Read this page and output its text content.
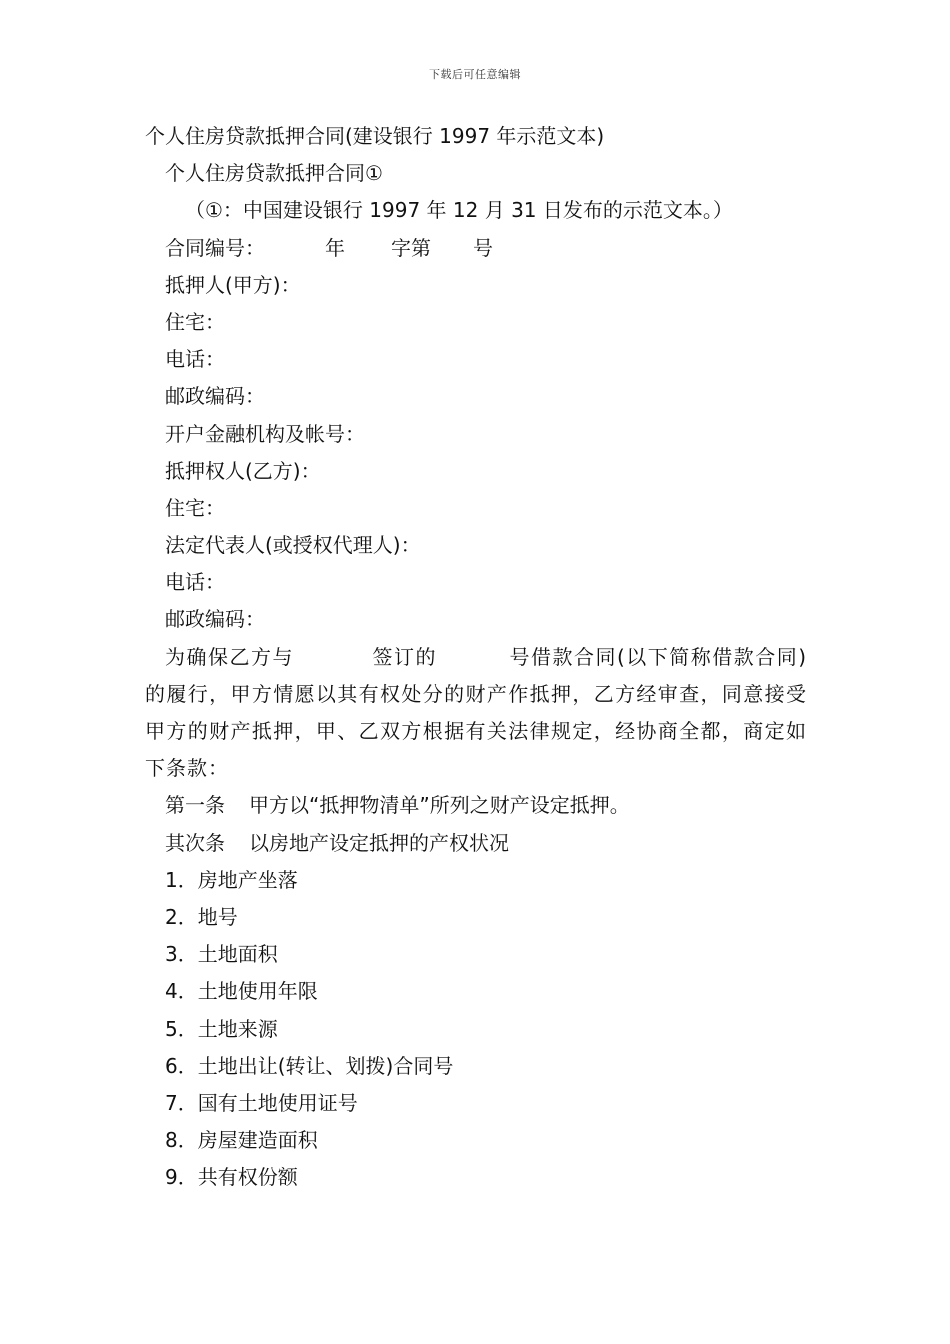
下载后可任意编辑
个人住房贷款抵押合同(建设银行 1997 年示范文本)
个人住房贷款抵押合同①
（①：中国建设银行 1997 年 12 月 31 日发布的示范文本。）
合同编号：	年 字第 号
抵押人(甲方)：
住宅：
电话：
邮政编码：
开户金融机构及帐号：
抵押权人(乙方)：
住宅：
法定代表人(或授权代理人)：
电话：
邮政编码：
为确保乙方与	签订的	号借款合同(以下简称借款合同)的履行，甲方情愿以其有权处分的财产作抵押，乙方经审查，同意接受甲方的财产抵押，甲、乙双方根据有关法律规定，经协商全都，商定如下条款：
第一条 甲方以“抵押物清单”所列之财产设定抵押。
其次条 以房地产设定抵押的产权状况
1．房地产坐落
2．地号
3．土地面积
4．土地使用年限
5．土地来源
6．土地出让(转让、划拨)合同号
7．国有土地使用证号
8．房屋建造面积
9．共有权份额
